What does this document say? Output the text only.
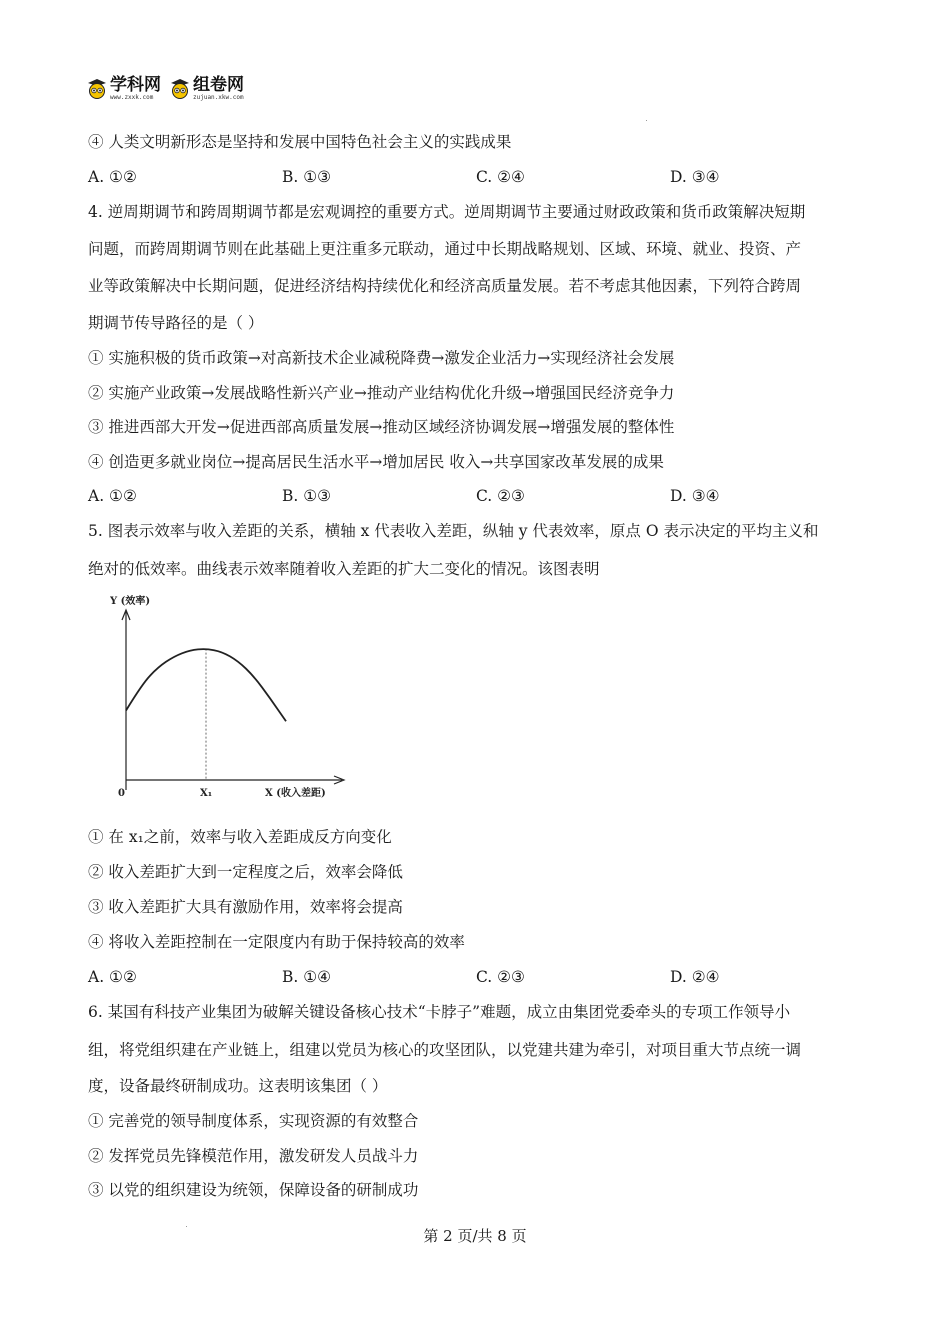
学科网
www.zxxk.com
组卷网
zujuan.xkw.com
④ 人类文明新形态是坚持和发展中国特色社会主义的实践成果
A. ①②	B. ①③	C. ②④	D. ③④
4. 逆周期调节和跨周期调节都是宏观调控的重要方式。逆周期调节主要通过财政政策和货币政策解决短期
问题，而跨周期调节则在此基础上更注重多元联动，通过中长期战略规划、区域、环境、就业、投资、产
业等政策解决中长期问题，促进经济结构持续优化和经济高质量发展。若不考虑其他因素，下列符合跨周
期调节传导路径的是（ ）
① 实施积极的货币政策→对高新技术企业减税降费→激发企业活力→实现经济社会发展
② 实施产业政策→发展战略性新兴产业→推动产业结构优化升级→增强国民经济竞争力
③ 推进西部大开发→促进西部高质量发展→推动区域经济协调发展→增强发展的整体性
④ 创造更多就业岗位→提高居民生活水平→增加居民 收入→共享国家改革发展的成果
A. ①②	B. ①③	C. ②③	D. ③④
5. 图表示效率与收入差距的关系，横轴 x 代表收入差距，纵轴 y 代表效率，原点 O 表示决定的平均主义和
绝对的低效率。曲线表示效率随着收入差距的扩大二变化的情况。该图表明
Y (效率)
0	X₁	X (收入差距)
① 在 x₁之前，效率与收入差距成反方向变化
② 收入差距扩大到一定程度之后，效率会降低
③ 收入差距扩大具有激励作用，效率将会提高
④ 将收入差距控制在一定限度内有助于保持较高的效率
A. ①②	B. ①④	C. ②③	D. ②④
6. 某国有科技产业集团为破解关键设备核心技术“卡脖子”难题，成立由集团党委牵头的专项工作领导小
组，将党组织建在产业链上，组建以党员为核心的攻坚团队，以党建共建为牵引，对项目重大节点统一调
度，设备最终研制成功。这表明该集团（ ）
① 完善党的领导制度体系，实现资源的有效整合
② 发挥党员先锋模范作用，激发研发人员战斗力
③ 以党的组织建设为统领，保障设备的研制成功
第 2 页/共 8 页
